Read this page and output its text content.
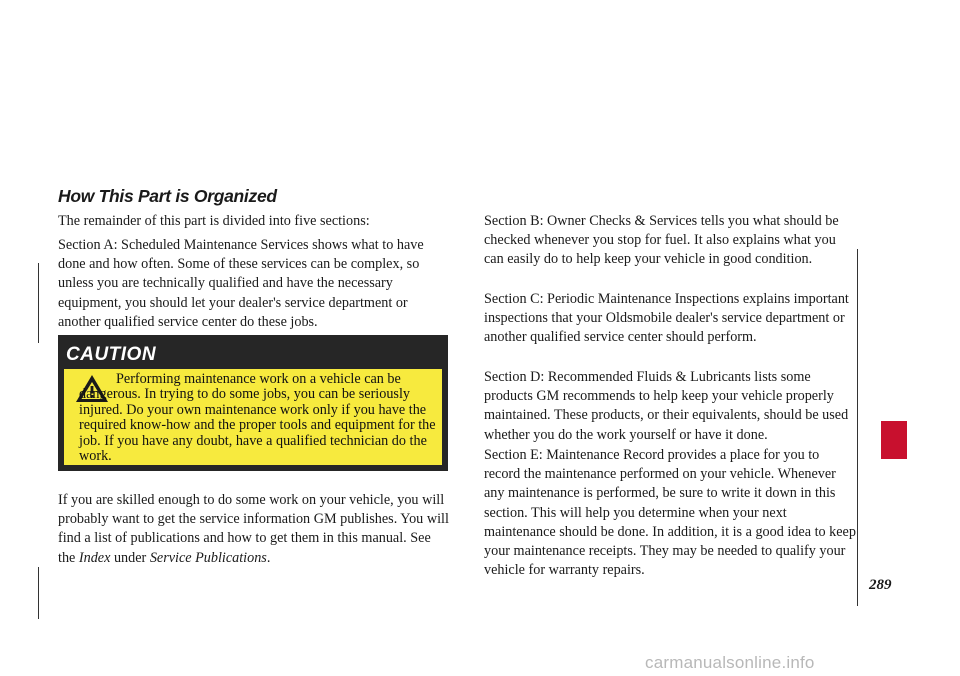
How This Part is Organized

The remainder of this part is divided into five sections:

Section A: Scheduled Maintenance Services shows what to have done and how often. Some of these services can be complex, so unless you are technically qualified and have the necessary equipment, you should let your dealer's service department or another qualified service center do these jobs.

CAUTION

Performing maintenance work on a vehicle can be dangerous. In trying to do some jobs, you can be seriously injured. Do your own maintenance work only if you have the required know-how and the proper tools and equipment for the job. If you have any doubt, have a qualified technician do the work.

If you are skilled enough to do some work on your vehicle, you will probably want to get the service information GM publishes. You will find a list of publications and how to get them in this manual. See the Index under Service Publications.

Section B: Owner Checks & Services tells you what should be checked whenever you stop for fuel. It also explains what you can easily do to help keep your vehicle in good condition.

Section C: Periodic Maintenance Inspections explains important inspections that your Oldsmobile dealer's service department or another qualified service center should perform.

Section D: Recommended Fluids & Lubricants lists some products GM recommends to help keep your vehicle properly maintained. These products, or their equivalents, should be used whether you do the work yourself or have it done.

Section E: Maintenance Record provides a place for you to record the maintenance performed on your vehicle. Whenever any maintenance is performed, be sure to write it down in this section. This will help you determine when your next maintenance should be done. In addition, it is a good idea to keep your maintenance receipts. They may be needed to qualify your vehicle for warranty repairs.

289

carmanualsonline.info
